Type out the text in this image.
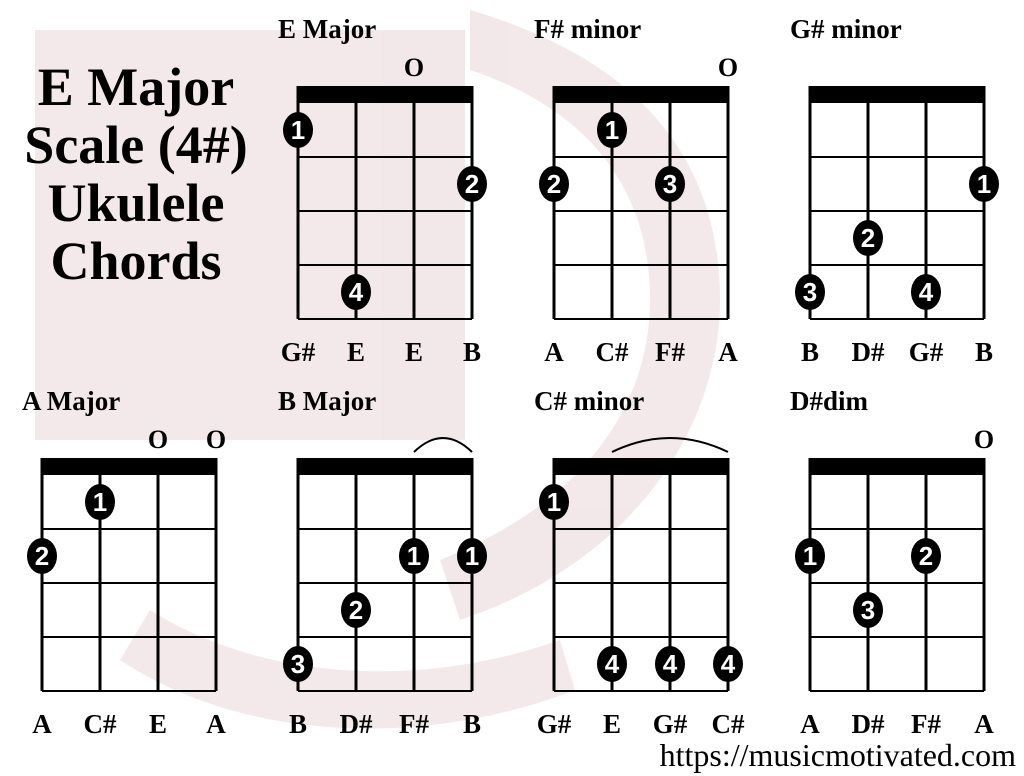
E Major
Scale (4#)
Ukulele
Chords
E Major
O
1
2
4
G# E E B
F# minor
O
1
2	3
A C# F# A
G# minor
1
2
3	4
B D# G# B
A Major
O O
1
2
A C# E A
B Major
1 1
2
3
B D# F# B
C# minor
1
4 4 4
G# E G# C#
D#dim
O
1	2
3
A D# F# A
https://musicmotivated.com
